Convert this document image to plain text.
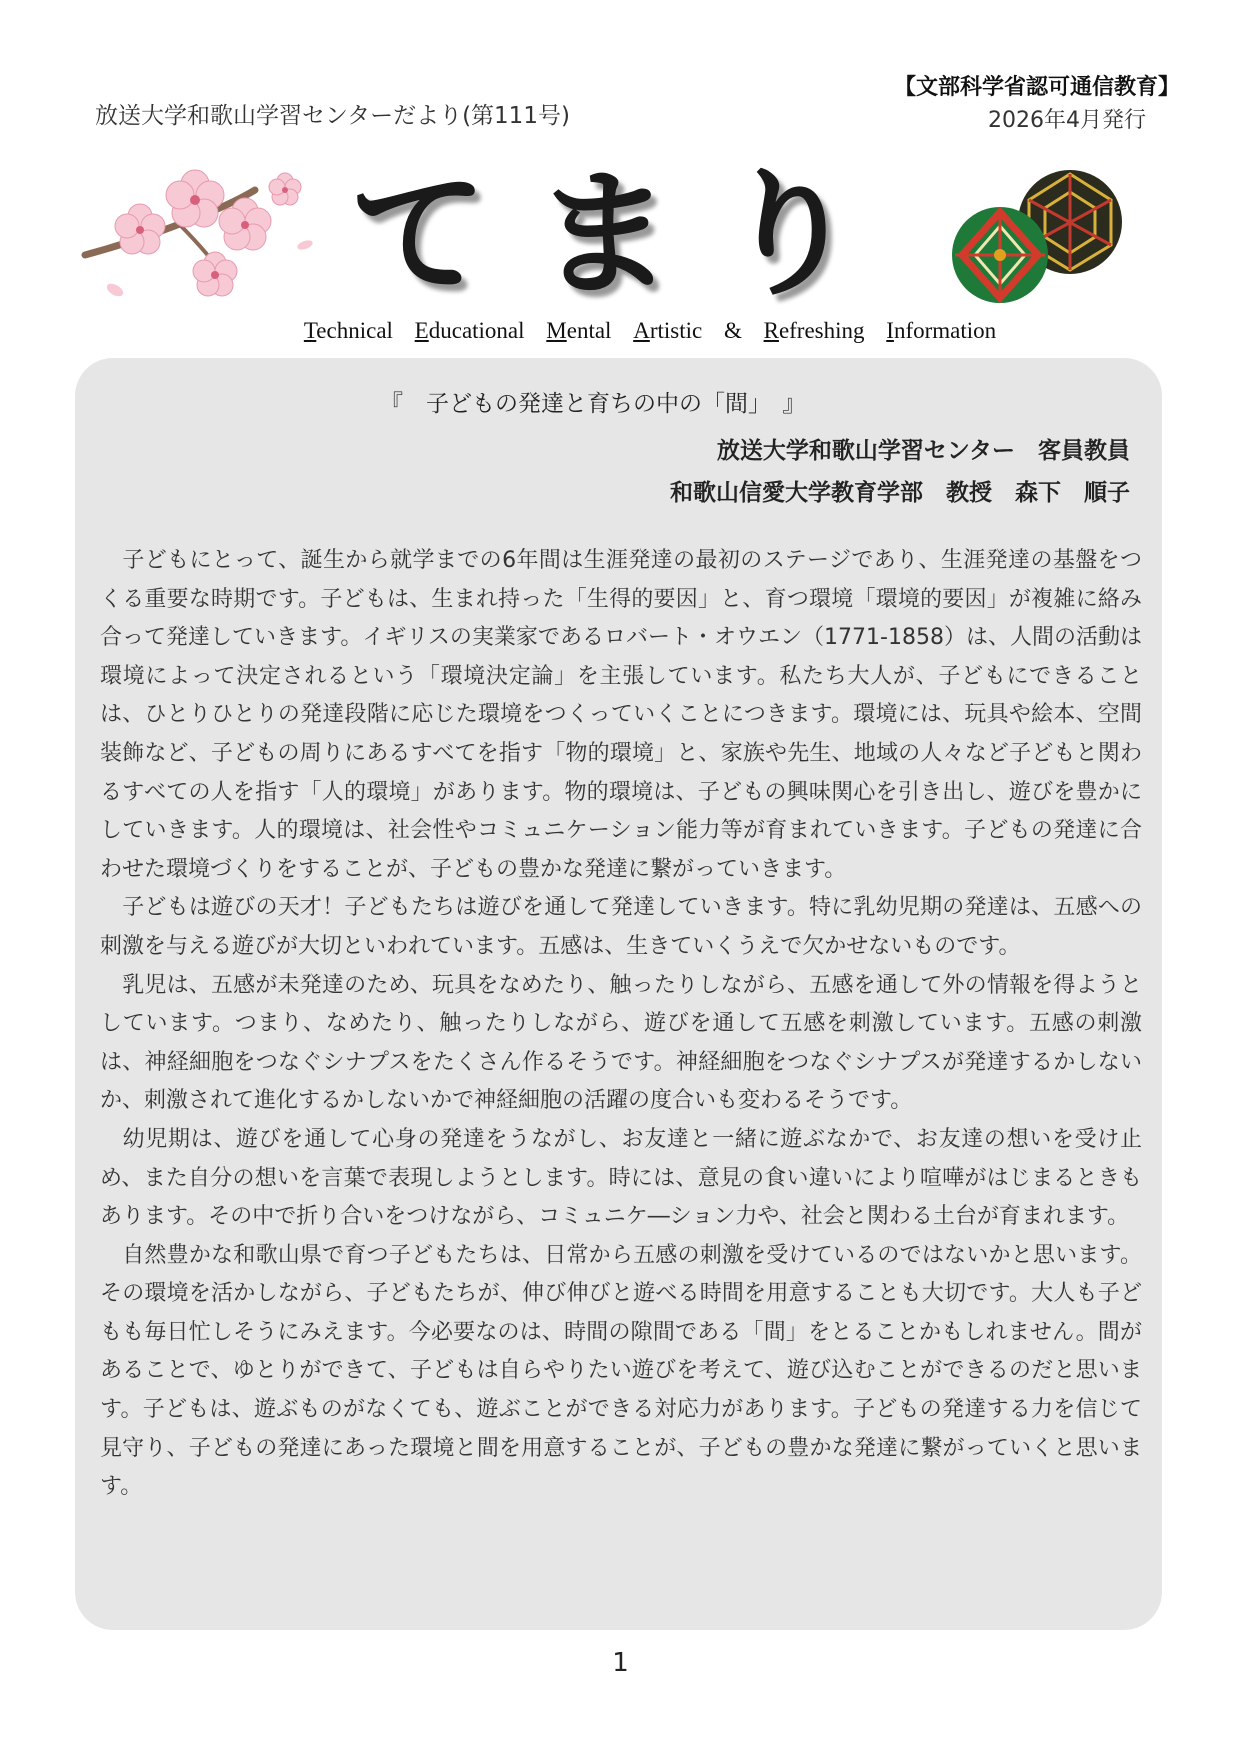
放送大学和歌山学習センターだより(第111号)
【文部科学省認可通信教育】
2026年4月発行
てまり
Technical Educational Mental Artistic & Refreshing Information
『　子どもの発達と育ちの中の「間」　』
放送大学和歌山学習センター　客員教員
和歌山信愛大学教育学部　教授　森下　順子

　子どもにとって、誕生から就学までの6年間は生涯発達の最初のステージであり、生涯発達の基盤をつくる重要な時期です。子どもは、生まれ持った「生得的要因」と、育つ環境「環境的要因」が複雑に絡み合って発達していきます。イギリスの実業家であるロバート・オウエン（1771‐1858）は、人間の活動は環境によって決定されるという「環境決定論」を主張しています。私たち大人が、子どもにできることは、ひとりひとりの発達段階に応じた環境をつくっていくことにつきます。環境には、玩具や絵本、空間装飾など、子どもの周りにあるすべてを指す「物的環境」と、家族や先生、地域の人々など子どもと関わるすべての人を指す「人的環境」があります。物的環境は、子どもの興味関心を引き出し、遊びを豊かにしていきます。人的環境は、社会性やコミュニケーション能力等が育まれていきます。子どもの発達に合わせた環境づくりをすることが、子どもの豊かな発達に繋がっていきます。

　子どもは遊びの天才！子どもたちは遊びを通して発達していきます。特に乳幼児期の発達は、五感への刺激を与える遊びが大切といわれています。五感は、生きていくうえで欠かせないものです。

　乳児は、五感が未発達のため、玩具をなめたり、触ったりしながら、五感を通して外の情報を得ようとしています。つまり、なめたり、触ったりしながら、遊びを通して五感を刺激しています。五感の刺激は、神経細胞をつなぐシナプスをたくさん作るそうです。神経細胞をつなぐシナプスが発達するかしないか、刺激されて進化するかしないかで神経細胞の活躍の度合いも変わるそうです。

　幼児期は、遊びを通して心身の発達をうながし、お友達と一緒に遊ぶなかで、お友達の想いを受け止め、また自分の想いを言葉で表現しようとします。時には、意見の食い違いにより喧嘩がはじまるときもあります。その中で折り合いをつけながら、コミュニケ―ション力や、社会と関わる土台が育まれます。

　自然豊かな和歌山県で育つ子どもたちは、日常から五感の刺激を受けているのではないかと思います。その環境を活かしながら、子どもたちが、伸び伸びと遊べる時間を用意することも大切です。大人も子どもも毎日忙しそうにみえます。今必要なのは、時間の隙間である「間」をとることかもしれません。間があることで、ゆとりができて、子どもは自らやりたい遊びを考えて、遊び込むことができるのだと思います。子どもは、遊ぶものがなくても、遊ぶことができる対応力があります。子どもの発達する力を信じて見守り、子どもの発達にあった環境と間を用意することが、子どもの豊かな発達に繋がっていくと思います。

1
